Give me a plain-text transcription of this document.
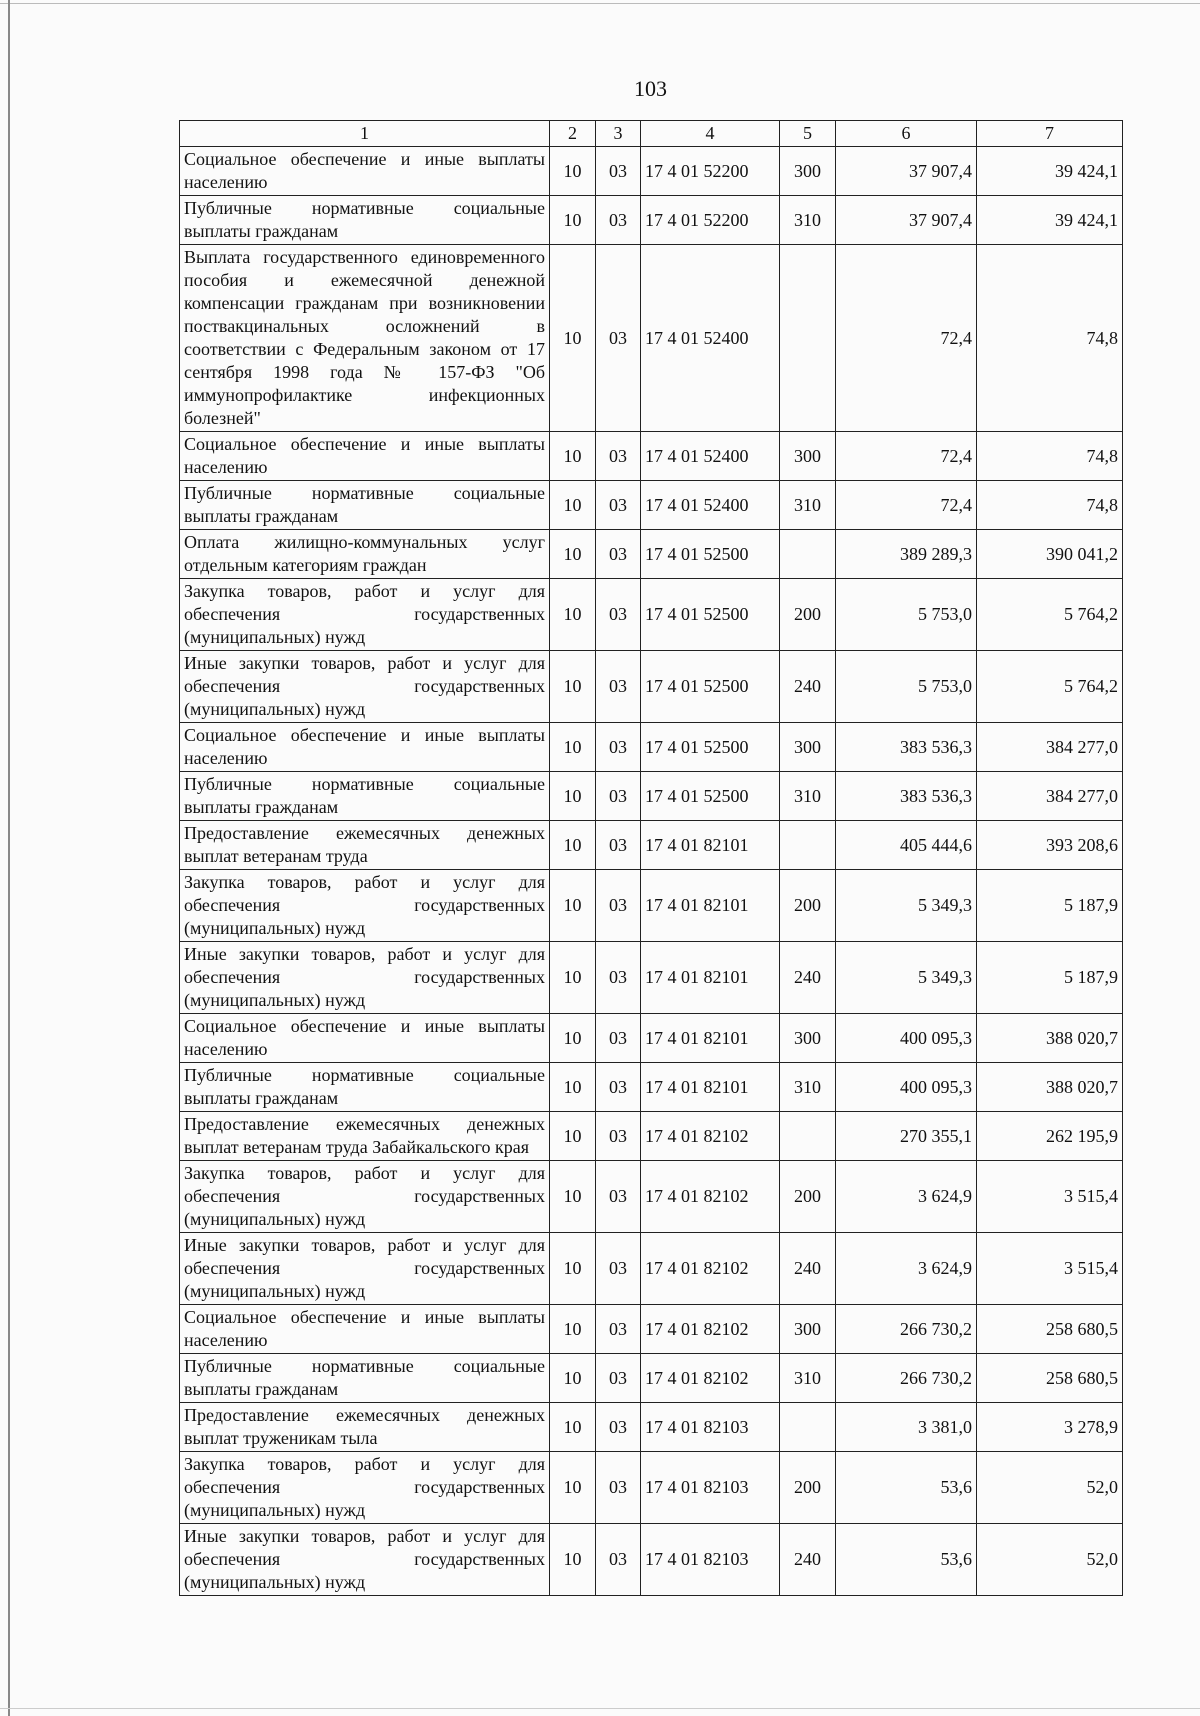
103
1	2	3	4	5	6	7
Социальное обеспечение и иные выплаты населению	10	03	17 4 01 52200	300	37 907,4	39 424,1
Публичные нормативные социальные выплаты гражданам	10	03	17 4 01 52200	310	37 907,4	39 424,1
Выплата государственного единовременного пособия и ежемесячной денежной компенсации гражданам при возникновении поствакцинальных осложнений в соответствии с Федеральным законом от 17 сентября 1998 года № 157-ФЗ "Об иммунопрофилактике инфекционных болезней"	10	03	17 4 01 52400		72,4	74,8
Социальное обеспечение и иные выплаты населению	10	03	17 4 01 52400	300	72,4	74,8
Публичные нормативные социальные выплаты гражданам	10	03	17 4 01 52400	310	72,4	74,8
Оплата жилищно-коммунальных услуг отдельным категориям граждан	10	03	17 4 01 52500		389 289,3	390 041,2
Закупка товаров, работ и услуг для обеспечения государственных (муниципальных) нужд	10	03	17 4 01 52500	200	5 753,0	5 764,2
Иные закупки товаров, работ и услуг для обеспечения государственных (муниципальных) нужд	10	03	17 4 01 52500	240	5 753,0	5 764,2
Социальное обеспечение и иные выплаты населению	10	03	17 4 01 52500	300	383 536,3	384 277,0
Публичные нормативные социальные выплаты гражданам	10	03	17 4 01 52500	310	383 536,3	384 277,0
Предоставление ежемесячных денежных выплат ветеранам труда	10	03	17 4 01 82101		405 444,6	393 208,6
Закупка товаров, работ и услуг для обеспечения государственных (муниципальных) нужд	10	03	17 4 01 82101	200	5 349,3	5 187,9
Иные закупки товаров, работ и услуг для обеспечения государственных (муниципальных) нужд	10	03	17 4 01 82101	240	5 349,3	5 187,9
Социальное обеспечение и иные выплаты населению	10	03	17 4 01 82101	300	400 095,3	388 020,7
Публичные нормативные социальные выплаты гражданам	10	03	17 4 01 82101	310	400 095,3	388 020,7
Предоставление ежемесячных денежных выплат ветеранам труда Забайкальского края	10	03	17 4 01 82102		270 355,1	262 195,9
Закупка товаров, работ и услуг для обеспечения государственных (муниципальных) нужд	10	03	17 4 01 82102	200	3 624,9	3 515,4
Иные закупки товаров, работ и услуг для обеспечения государственных (муниципальных) нужд	10	03	17 4 01 82102	240	3 624,9	3 515,4
Социальное обеспечение и иные выплаты населению	10	03	17 4 01 82102	300	266 730,2	258 680,5
Публичные нормативные социальные выплаты гражданам	10	03	17 4 01 82102	310	266 730,2	258 680,5
Предоставление ежемесячных денежных выплат труженикам тыла	10	03	17 4 01 82103		3 381,0	3 278,9
Закупка товаров, работ и услуг для обеспечения государственных (муниципальных) нужд	10	03	17 4 01 82103	200	53,6	52,0
Иные закупки товаров, работ и услуг для обеспечения государственных (муниципальных) нужд	10	03	17 4 01 82103	240	53,6	52,0
